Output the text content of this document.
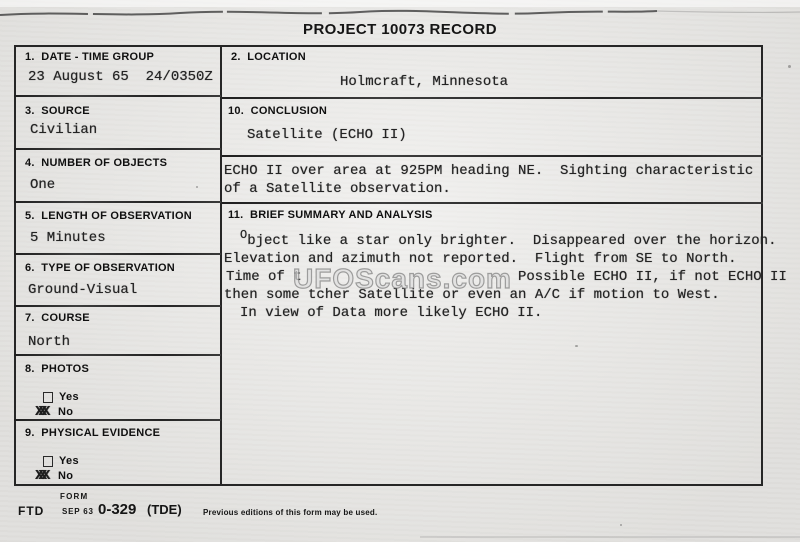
PROJECT 10073 RECORD
1.  DATE - TIME GROUP
23 August 65  24/0350Z
3.  SOURCE
Civilian
4.  NUMBER OF OBJECTS
One
5.  LENGTH OF OBSERVATION
5 Minutes
6.  TYPE OF OBSERVATION
Ground-Visual
7.  COURSE
North
8.  PHOTOS
Yes
XXX No
9.  PHYSICAL EVIDENCE
Yes
XXX No
2.  LOCATION
Holmcraft, Minnesota
10.  CONCLUSION
Satellite (ECHO II)
ECHO II over area at 925PM heading NE.  Sighting characteristic
of a Satellite observation.
11.  BRIEF SUMMARY AND ANALYSIS
Object like a star only brighter.  Disappeared over the horizon.
Elevation and azimuth not reported.  Flight from SE to North.
Time of t	Possible ECHO II, if not ECHO II
then some tcher Satellite or even an A/C if motion to West.
In view of Data more likely ECHO II.
UFOScans.com
FORM
FTD SEP 63 0-329 (TDE)	Previous editions of this form may be used.
